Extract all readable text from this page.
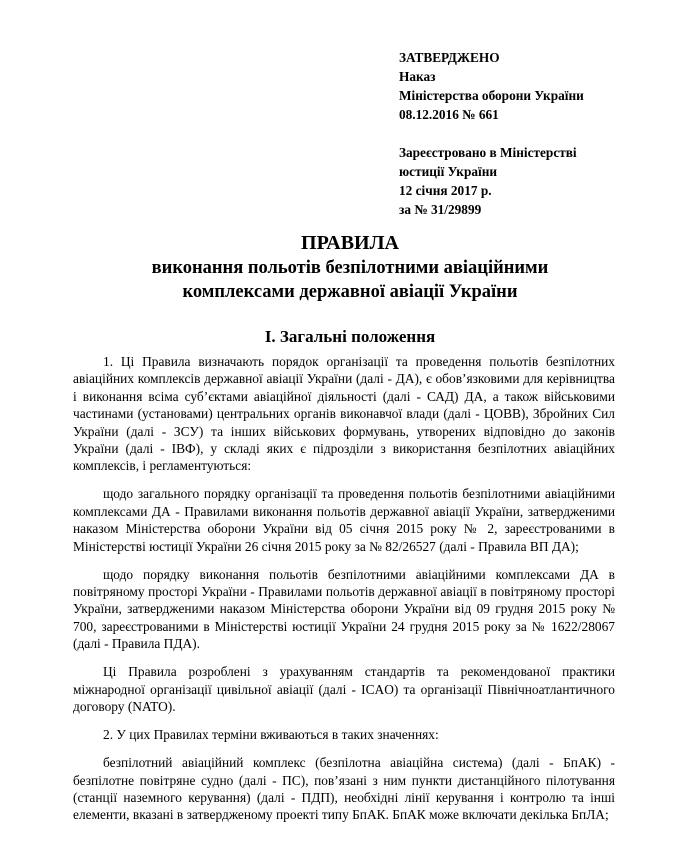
ЗАТВЕРДЖЕНО
Наказ
Міністерства оборони України
08.12.2016 № 661
Зареєстровано в Міністерстві
юстиції України
12 січня 2017 р.
за № 31/29899
ПРАВИЛА
виконання польотів безпілотними авіаційними
комплексами державної авіації України
I. Загальні положення

1. Ці Правила визначають порядок організації та проведення польотів безпілотних авіаційних комплексів державної авіації України (далі - ДА), є обов’язковими для керівництва і виконання всіма суб’єктами авіаційної діяльності (далі - САД) ДА, а також військовими частинами (установами) центральних органів виконавчої влади (далі - ЦОВВ), Збройних Сил України (далі - ЗСУ) та інших військових формувань, утворених відповідно до законів України (далі - ІВФ), у складі яких є підрозділи з використання безпілотних авіаційних комплексів, і регламентуються:

щодо загального порядку організації та проведення польотів безпілотними авіаційними комплексами ДА - Правилами виконання польотів державної авіації України, затвердженими наказом Міністерства оборони України від 05 січня 2015 року № 2, зареєстрованими в Міністерстві юстиції України 26 січня 2015 року за № 82/26527 (далі - Правила ВП ДА);

щодо порядку виконання польотів безпілотними авіаційними комплексами ДА в повітряному просторі України - Правилами польотів державної авіації в повітряному просторі України, затвердженими наказом Міністерства оборони України від 09 грудня 2015 року № 700, зареєстрованими в Міністерстві юстиції України 24 грудня 2015 року за № 1622/28067 (далі - Правила ПДА).

Ці Правила розроблені з урахуванням стандартів та рекомендованої практики міжнародної організації цивільної авіації (далі - ICAO) та організації Північноатлантичного договору (NATO).

2. У цих Правилах терміни вживаються в таких значеннях:

безпілотний авіаційний комплекс (безпілотна авіаційна система) (далі - БпАК) - безпілотне повітряне судно (далі - ПС), пов’язані з ним пункти дистанційного пілотування (станції наземного керування) (далі - ПДП), необхідні лінії керування і контролю та інші елементи, вказані в затвердженому проекті типу БпАК. БпАК може включати декілька БпЛА;
